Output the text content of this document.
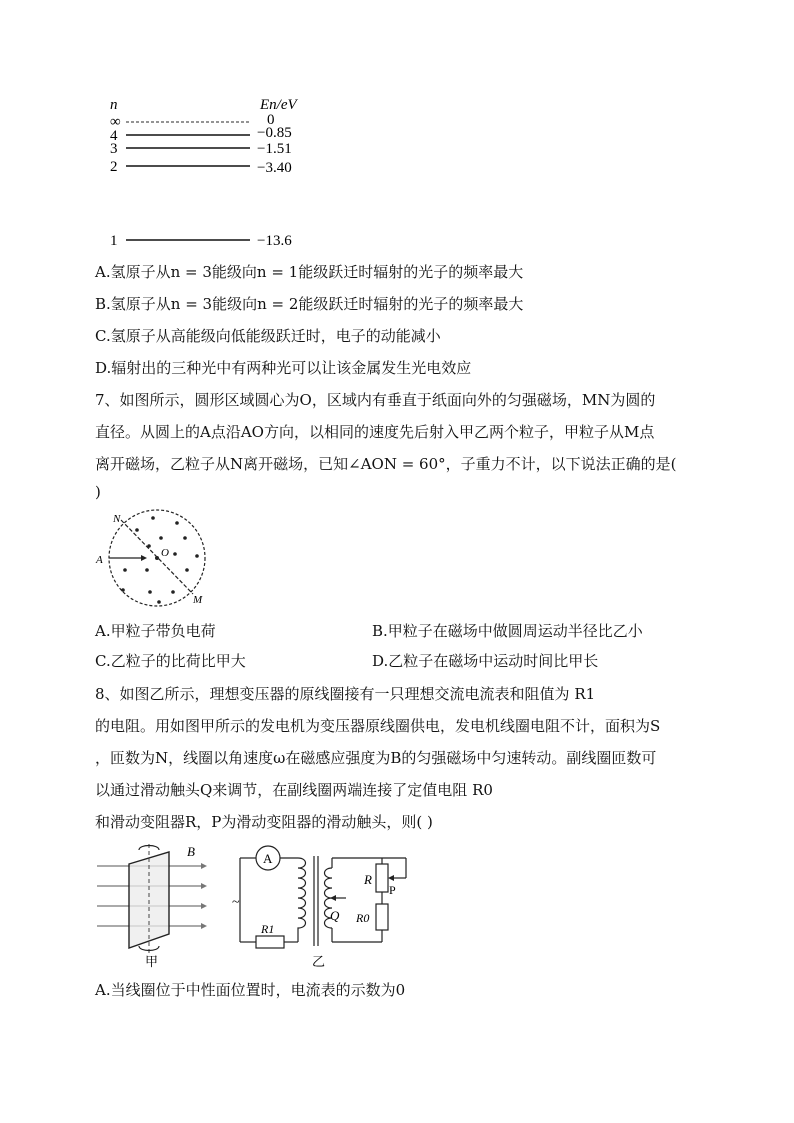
n	En/eV
∞	0
4	−0.85
3	−1.51
2	−3.40
1	−13.6
A.氢原子从n = 3能级向n = 1能级跃迁时辐射的光子的频率最大
B.氢原子从n = 3能级向n = 2能级跃迁时辐射的光子的频率最大
C.氢原子从高能级向低能级跃迁时，电子的动能减小
D.辐射出的三种光中有两种光可以让该金属发生光电效应
7、如图所示，圆形区域圆心为O，区域内有垂直于纸面向外的匀强磁场，MN为圆的
直径。从圆上的A点沿AO方向，以相同的速度先后射入甲乙两个粒子，甲粒子从M点
离开磁场，乙粒子从N离开磁场，已知∠AON = 60°，子重力不计，以下说法正确的是(
)
N
O
A
M
A.甲粒子带负电荷	B.甲粒子在磁场中做圆周运动半径比乙小
C.乙粒子的比荷比甲大	D.乙粒子在磁场中运动时间比甲长
8、如图乙所示，理想变压器的原线圈接有一只理想交流电流表和阻值为 R1
的电阻。用如图甲所示的发电机为变压器原线圈供电，发电机线圈电阻不计，面积为S
，匝数为N，线圈以角速度ω在磁感应强度为B的匀强磁场中匀速转动。副线圈匝数可
以通过滑动触头Q来调节，在副线圈两端连接了定值电阻 R0
和滑动变阻器R，P为滑动变阻器的滑动触头，则( )
B
甲
A
R1
~
Q
R
P
R0
乙
A.当线圈位于中性面位置时，电流表的示数为0
